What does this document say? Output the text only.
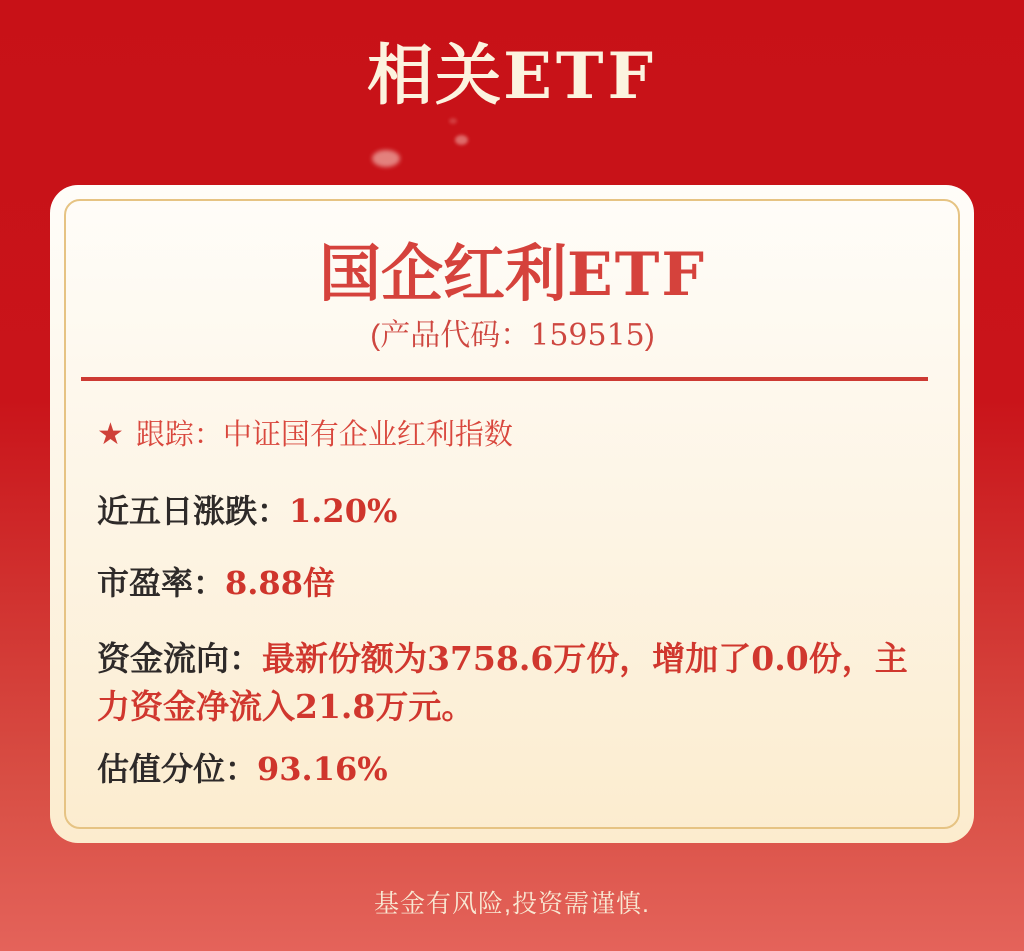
相关ETF
国企红利ETF

(产品代码：159515)

★ 跟踪：中证国有企业红利指数

近五日涨跌：1.20%

市盈率：8.88倍

资金流向：最新份额为3758.6万份，增加了0.0份，主力资金净流入21.8万元。

估值分位：93.16%

基金有风险,投资需谨慎.
